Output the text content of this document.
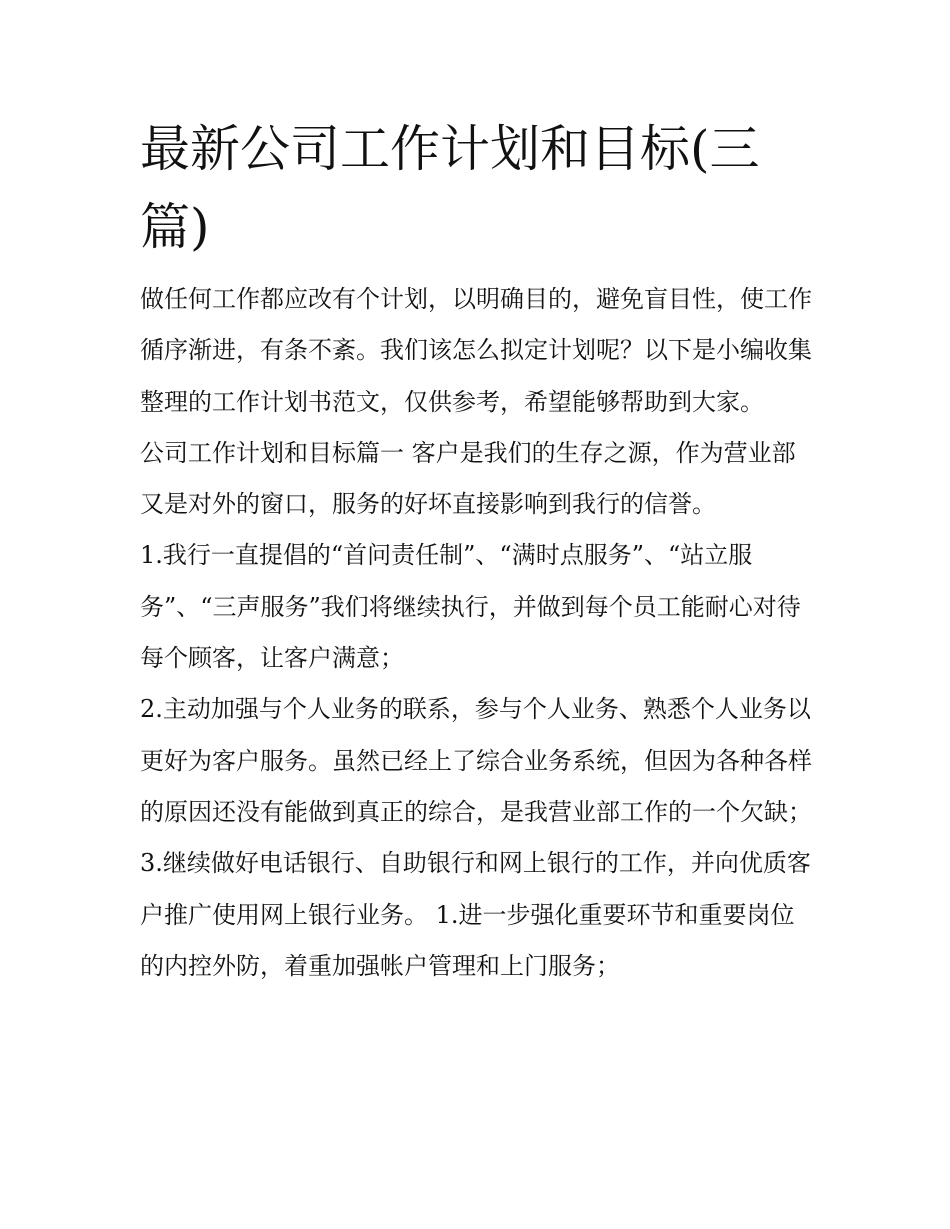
最新公司工作计划和目标(三篇)

做任何工作都应改有个计划，以明确目的，避免盲目性，使工作循序渐进，有条不紊。我们该怎么拟定计划呢？以下是小编收集整理的工作计划书范文，仅供参考，希望能够帮助到大家。

公司工作计划和目标篇一 客户是我们的生存之源，作为营业部又是对外的窗口，服务的好坏直接影响到我行的信誉。

1.我行一直提倡的“首问责任制”、“满时点服务”、“站立服务”、“三声服务”我们将继续执行，并做到每个员工能耐心对待每个顾客，让客户满意；

2.主动加强与个人业务的联系，参与个人业务、熟悉个人业务以更好为客户服务。虽然已经上了综合业务系统，但因为各种各样的原因还没有能做到真正的综合，是我营业部工作的一个欠缺；

3.继续做好电话银行、自助银行和网上银行的工作，并向优质客户推广使用网上银行业务。 1.进一步强化重要环节和重要岗位的内控外防，着重加强帐户管理和上门服务；
